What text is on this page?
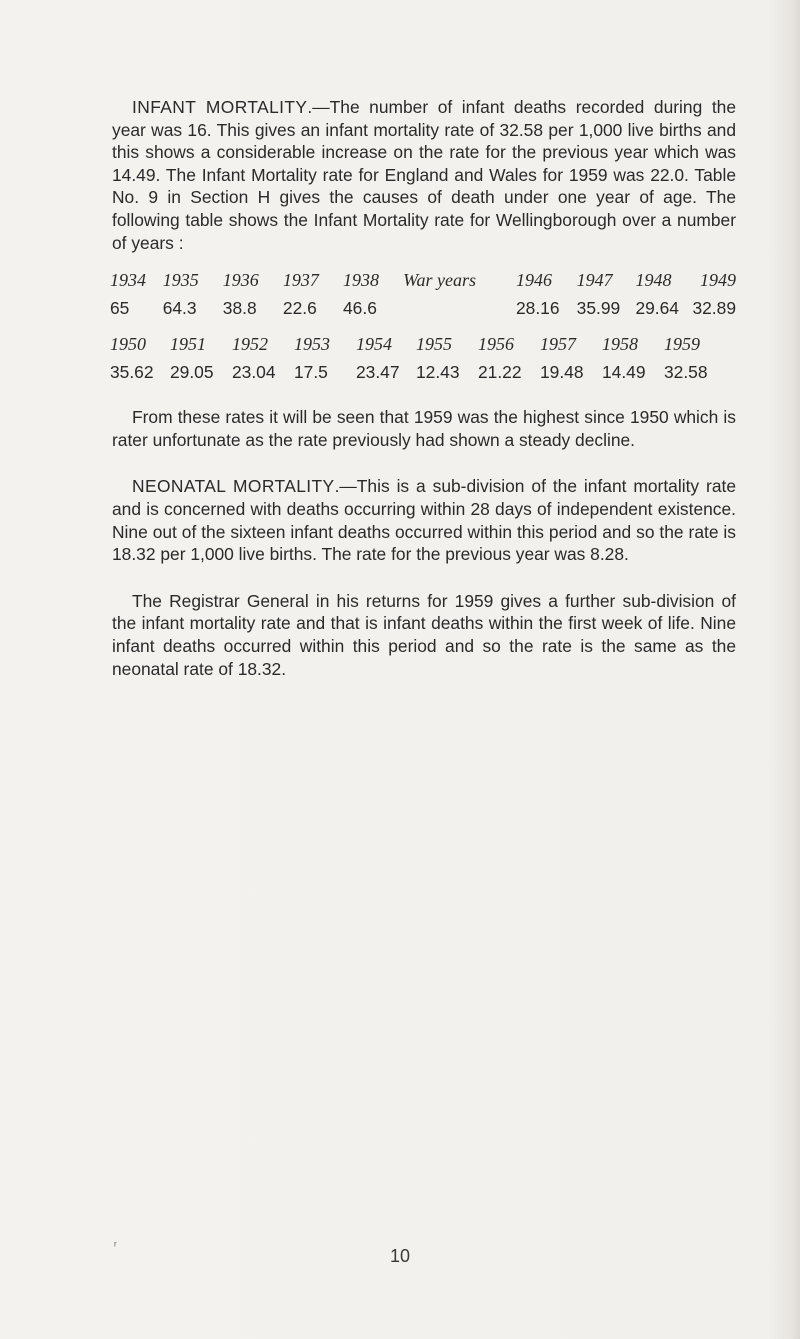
INFANT MORTALITY.—The number of infant deaths recorded during the year was 16. This gives an infant mortality rate of 32.58 per 1,000 live births and this shows a considerable increase on the rate for the previous year which was 14.49. The Infant Mortality rate for England and Wales for 1959 was 22.0. Table No. 9 in Section H gives the causes of death under one year of age. The following table shows the Infant Mortality rate for Wellingborough over a number of years :

1934	1935	1936	1937	1938	War years	1946	1947	1948	1949
65	64.3	38.8	22.6	46.6		28.16	35.99	29.64	32.89
1950	1951	1952	1953	1954	1955	1956	1957	1958	1959
35.62	29.05	23.04	17.5	23.47	12.43	21.22	19.48	14.49	32.58

From these rates it will be seen that 1959 was the highest since 1950 which is rater unfortunate as the rate previously had shown a steady decline.

NEONATAL MORTALITY.—This is a sub-division of the infant mortality rate and is concerned with deaths occurring within 28 days of independent existence. Nine out of the sixteen infant deaths occurred within this period and so the rate is 18.32 per 1,000 live births. The rate for the previous year was 8.28.

The Registrar General in his returns for 1959 gives a further sub-division of the infant mortality rate and that is infant deaths within the first week of life. Nine infant deaths occurred within this period and so the rate is the same as the neonatal rate of 18.32.

ʳ	10
